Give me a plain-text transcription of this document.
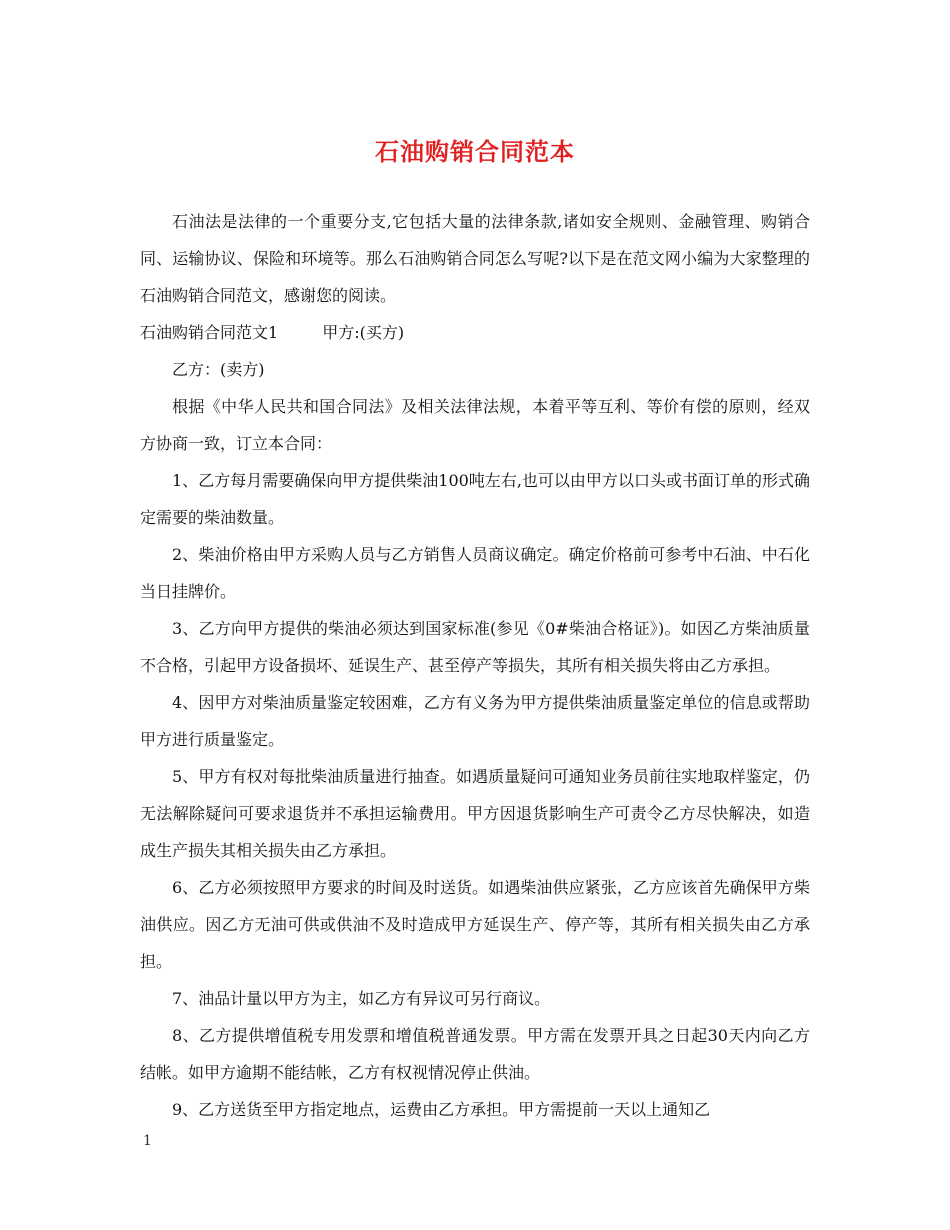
石油购销合同范本

石油法是法律的一个重要分支,它包括大量的法律条款,诸如安全规则、金融管理、购销合同、运输协议、保险和环境等。那么石油购销合同怎么写呢?以下是在范文网小编为大家整理的石油购销合同范文，感谢您的阅读。

石油购销合同范文1	甲方:(买方)

乙方：(卖方)

根据《中华人民共和国合同法》及相关法律法规，本着平等互利、等价有偿的原则，经双方协商一致，订立本合同：

1、乙方每月需要确保向甲方提供柴油100吨左右,也可以由甲方以口头或书面订单的形式确定需要的柴油数量。

2、柴油价格由甲方采购人员与乙方销售人员商议确定。确定价格前可参考中石油、中石化当日挂牌价。

3、乙方向甲方提供的柴油必须达到国家标准(参见《0#柴油合格证》)。如因乙方柴油质量不合格，引起甲方设备损坏、延误生产、甚至停产等损失，其所有相关损失将由乙方承担。

4、因甲方对柴油质量鉴定较困难，乙方有义务为甲方提供柴油质量鉴定单位的信息或帮助甲方进行质量鉴定。

5、甲方有权对每批柴油质量进行抽查。如遇质量疑问可通知业务员前往实地取样鉴定，仍无法解除疑问可要求退货并不承担运输费用。甲方因退货影响生产可责令乙方尽快解决，如造成生产损失其相关损失由乙方承担。

6、乙方必须按照甲方要求的时间及时送货。如遇柴油供应紧张，乙方应该首先确保甲方柴油供应。因乙方无油可供或供油不及时造成甲方延误生产、停产等，其所有相关损失由乙方承担。

7、油品计量以甲方为主，如乙方有异议可另行商议。

8、乙方提供增值税专用发票和增值税普通发票。甲方需在发票开具之日起30天内向乙方结帐。如甲方逾期不能结帐，乙方有权视情况停止供油。

9、乙方送货至甲方指定地点，运费由乙方承担。甲方需提前一天以上通知乙

1
